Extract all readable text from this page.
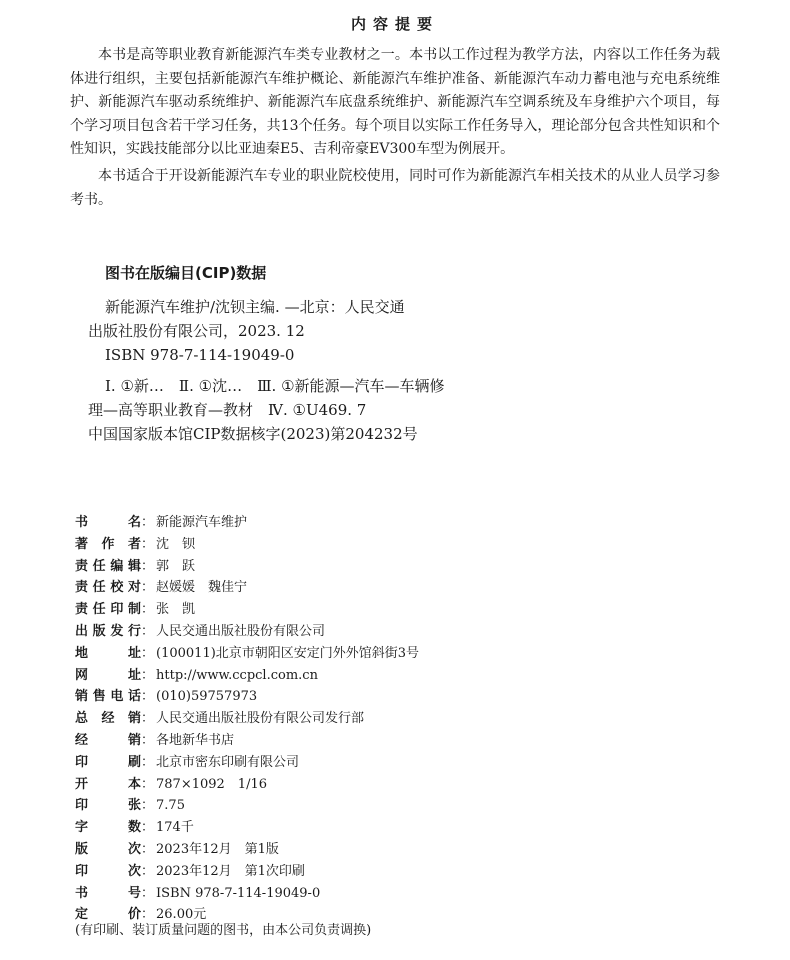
内容提要

本书是高等职业教育新能源汽车类专业教材之一。本书以工作过程为教学方法，内容以工作任务为载体进行组织，主要包括新能源汽车维护概论、新能源汽车维护准备、新能源汽车动力蓄电池与充电系统维护、新能源汽车驱动系统维护、新能源汽车底盘系统维护、新能源汽车空调系统及车身维护六个项目，每个学习项目包含若干学习任务，共13个任务。每个项目以实际工作任务导入，理论部分包含共性知识和个性知识，实践技能部分以比亚迪秦E5、吉利帝豪EV300车型为例展开。

本书适合于开设新能源汽车专业的职业院校使用，同时可作为新能源汽车相关技术的从业人员学习参考书。

图书在版编目(CIP)数据
新能源汽车维护/沈钡主编. —北京：人民交通
出版社股份有限公司，2023. 12
ISBN 978-7-114-19049-0
Ⅰ. ①新…　Ⅱ. ①沈…　Ⅲ. ①新能源—汽车—车辆修
理—高等职业教育—教材　Ⅳ. ①U469. 7
中国国家版本馆CIP数据核字(2023)第204232号
书	名 ： 新能源汽车维护
著 作 者 ： 沈　钡
责 任 编 辑 ： 郭　跃
责 任 校 对 ： 赵媛媛　魏佳宁
责 任 印 制 ： 张　凯
出 版 发 行 ： 人民交通出版社股份有限公司
地	址 ： (100011)北京市朝阳区安定门外外馆斜街3号
网	址 ： http://www.ccpcl.com.cn
销 售 电 话 ： (010)59757973
总 经 销 ： 人民交通出版社股份有限公司发行部
经	销 ： 各地新华书店
印	刷 ： 北京市密东印刷有限公司
开	本 ： 787×1092　1/16
印	张 ： 7.75
字	数 ： 174千
版	次 ： 2023年12月　第1版
印	次 ： 2023年12月　第1次印刷
书	号 ： ISBN 978-7-114-19049-0
定	价 ： 26.00元
(有印刷、装订质量问题的图书，由本公司负责调换)
